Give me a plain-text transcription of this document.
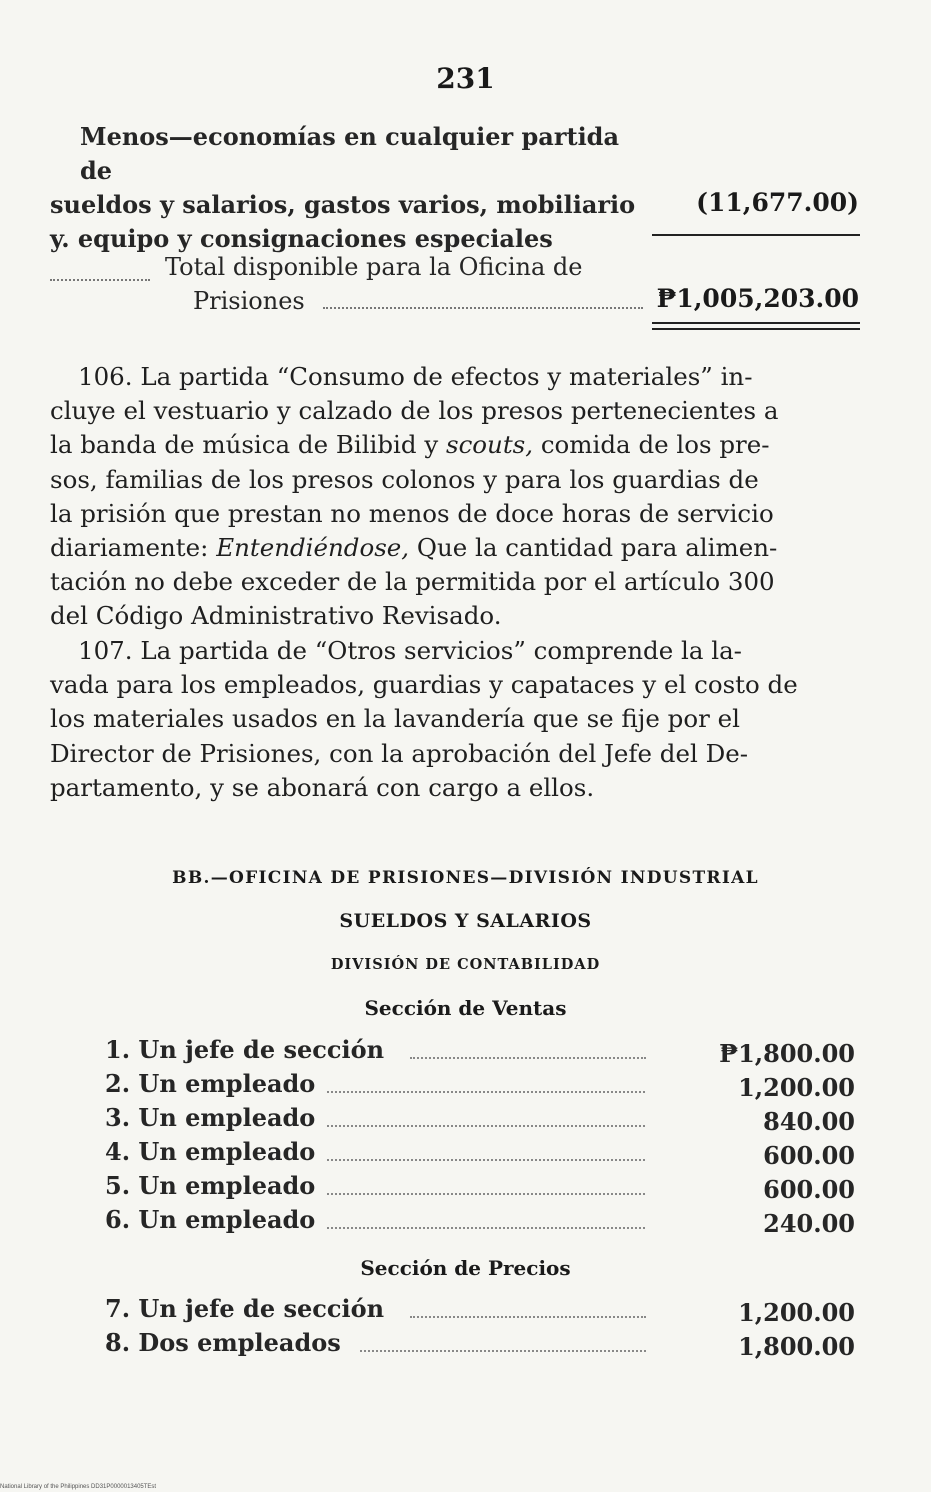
231
Menos—economías en cualquier partida de
sueldos y salarios, gastos varios, mobiliario
y. equipo y consignaciones especiales
(11,677.00)
Total disponible para la Oficina de
Prisiones	₱1,005,203.00

106. La partida “Consumo de efectos y materiales” in-

cluye el vestuario y calzado de los presos pertenecientes a

la banda de música de Bilibid y scouts, comida de los pre-

sos, familias de los presos colonos y para los guardias de

la prisión que prestan no menos de doce horas de servicio

diariamente: Entendiéndose, Que la cantidad para alimen-

tación no debe exceder de la permitida por el artículo 300

del Código Administrativo Revisado.

107. La partida de “Otros servicios” comprende la la-

vada para los empleados, guardias y capataces y el costo de

los materiales usados en la lavandería que se fije por el

Director de Prisiones, con la aprobación del Jefe del De-

partamento, y se abonará con cargo a ellos.

BB.—OFICINA DE PRISIONES—DIVISIÓN INDUSTRIAL
SUELDOS Y SALARIOS
DIVISIÓN DE CONTABILIDAD
Sección de Ventas
1. Un jefe de sección	₱1,800.00
2. Un empleado	1,200.00
3. Un empleado	840.00
4. Un empleado	600.00
5. Un empleado	600.00
6. Un empleado	240.00
Sección de Precios
7. Un jefe de sección	1,200.00
8. Dos empleados	1,800.00
National Library of the Philippines DD31P0000013405TEst
